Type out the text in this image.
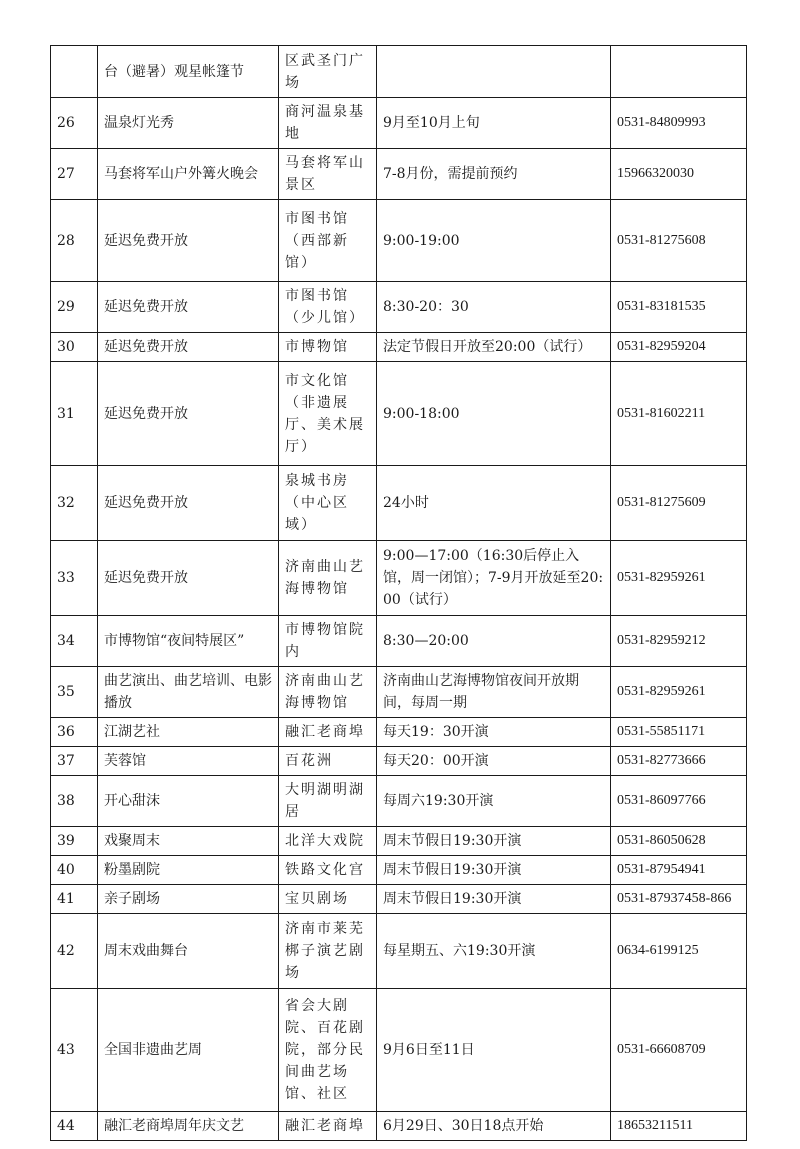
	台（避暑）观星帐篷节	区武圣门广场		
26	温泉灯光秀	商河温泉基地	9月至10月上旬	0531-84809993
27	马套将军山户外篝火晚会	马套将军山景区	7-8月份，需提前预约	15966320030
28	延迟免费开放	市图书馆（西部新馆）	9:00-19:00	0531-81275608
29	延迟免费开放	市图书馆（少儿馆）	8:30-20：30	0531-83181535
30	延迟免费开放	市博物馆	法定节假日开放至20:00（试行）	0531-82959204
31	延迟免费开放	市文化馆（非遗展厅、美术展厅）	9:00-18:00	0531-81602211
32	延迟免费开放	泉城书房（中心区域）	24小时	0531-81275609
33	延迟免费开放	济南曲山艺海博物馆	9:00—17:00（16:30后停止入馆，周一闭馆）；7-9月开放延至20:00（试行）	0531-82959261
34	市博物馆“夜间特展区”	市博物馆院内	8:30—20:00	0531-82959212
35	曲艺演出、曲艺培训、电影播放	济南曲山艺海博物馆	济南曲山艺海博物馆夜间开放期间，每周一期	0531-82959261
36	江湖艺社	融汇老商埠	每天19：30开演	0531-55851171
37	芙蓉馆	百花洲	每天20：00开演	0531-82773666
38	开心甜沫	大明湖明湖居	每周六19:30开演	0531-86097766
39	戏聚周末	北洋大戏院	周末节假日19:30开演	0531-86050628
40	粉墨剧院	铁路文化宫	周末节假日19:30开演	0531-87954941
41	亲子剧场	宝贝剧场	周末节假日19:30开演	0531-87937458-866
42	周末戏曲舞台	济南市莱芜梆子演艺剧场	每星期五、六19:30开演	0634-6199125
43	全国非遗曲艺周	省会大剧院、百花剧院，部分民间曲艺场馆、社区	9月6日至11日	0531-66608709
44	融汇老商埠周年庆文艺	融汇老商埠	6月29日、30日18点开始	18653211511
